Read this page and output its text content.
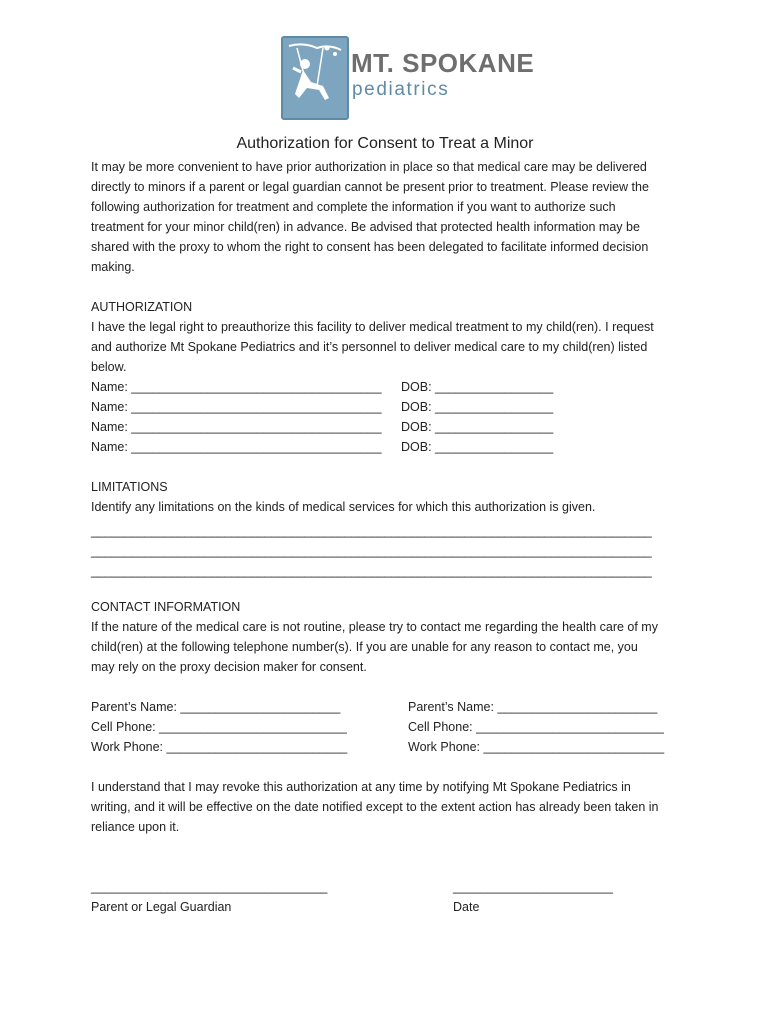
MT. SPOKANE
pediatrics
Authorization for Consent to Treat a Minor
It may be more convenient to have prior authorization in place so that medical care may be delivered
directly to minors if a parent or legal guardian cannot be present prior to treatment. Please review the
following authorization for treatment and complete the information if you want to authorize such
treatment for your minor child(ren) in advance. Be advised that protected health information may be
shared with the proxy to whom the right to consent has been delegated to facilitate informed decision
making.
AUTHORIZATION
I have the legal right to preauthorize this facility to deliver medical treatment to my child(ren). I request
and authorize Mt Spokane Pediatrics and it’s personnel to deliver medical care to my child(ren) listed
below.
Name: ____________________________________ DOB: _________________
Name: ____________________________________ DOB: _________________
Name: ____________________________________ DOB: _________________
Name: ____________________________________ DOB: _________________
LIMITATIONS
Identify any limitations on the kinds of medical services for which this authorization is given.
____________________________________________________________________________________
____________________________________________________________________________________
____________________________________________________________________________________
CONTACT INFORMATION
If the nature of the medical care is not routine, please try to contact me regarding the health care of my
child(ren) at the following telephone number(s). If you are unable for any reason to contact me, you
may rely on the proxy decision maker for consent.
Parent’s Name: _______________________
Cell Phone: ___________________________
Work Phone: __________________________
Parent’s Name: _______________________
Cell Phone: ___________________________
Work Phone: __________________________
I understand that I may revoke this authorization at any time by notifying Mt Spokane Pediatrics in
writing, and it will be effective on the date notified except to the extent action has already been taken in
reliance upon it.
__________________________________	_______________________
Parent or Legal Guardian	Date
